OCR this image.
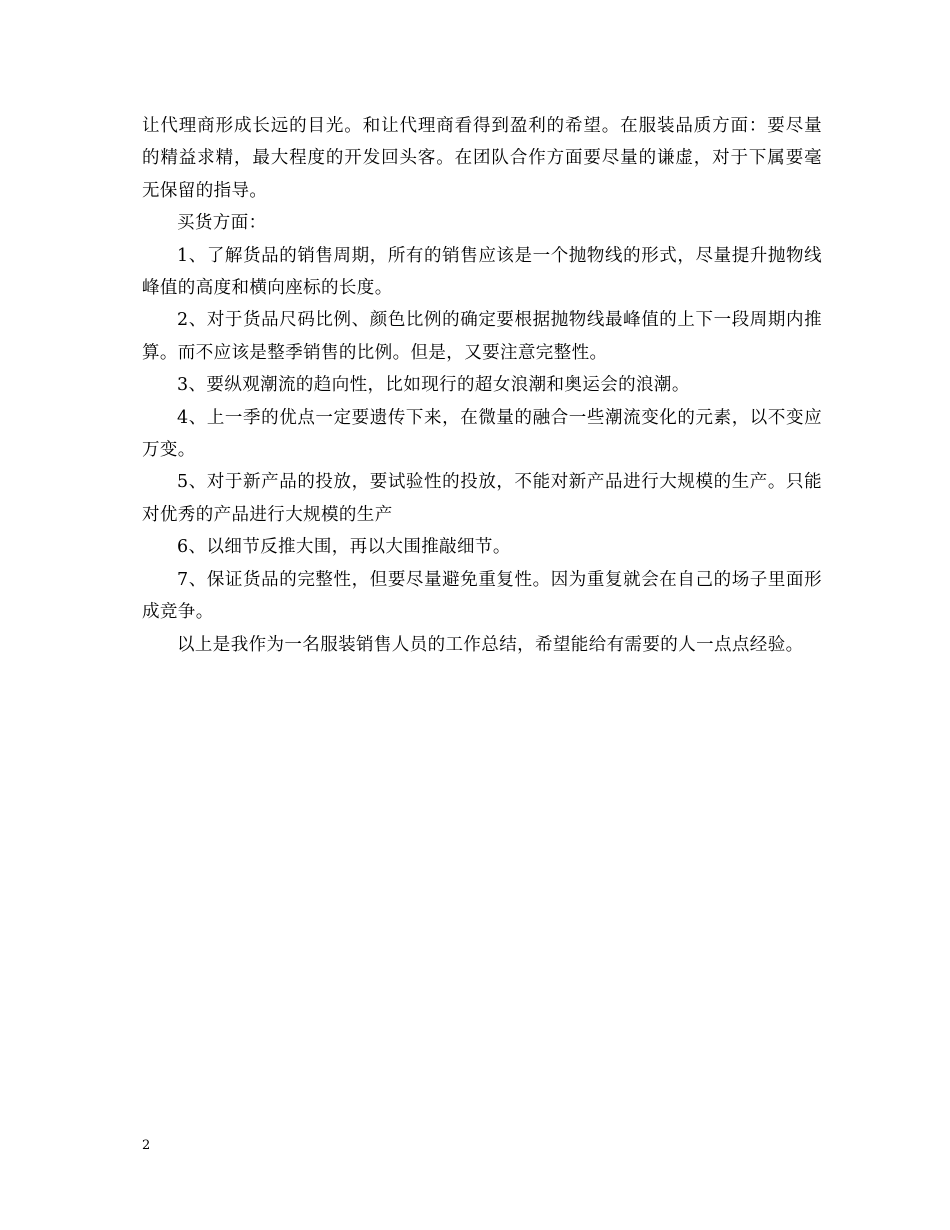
让代理商形成长远的目光。和让代理商看得到盈利的希望。在服装品质方面：要尽量的精益求精，最大程度的开发回头客。在团队合作方面要尽量的谦虚，对于下属要毫无保留的指导。

买货方面：

1、了解货品的销售周期，所有的销售应该是一个抛物线的形式，尽量提升抛物线峰值的高度和横向座标的长度。

2、对于货品尺码比例、颜色比例的确定要根据抛物线最峰值的上下一段周期内推算。而不应该是整季销售的比例。但是，又要注意完整性。

3、要纵观潮流的趋向性，比如现行的超女浪潮和奥运会的浪潮。

4、上一季的优点一定要遗传下来，在微量的融合一些潮流变化的元素，以不变应万变。

5、对于新产品的投放，要试验性的投放，不能对新产品进行大规模的生产。只能对优秀的产品进行大规模的生产

6、以细节反推大围，再以大围推敲细节。

7、保证货品的完整性，但要尽量避免重复性。因为重复就会在自己的场子里面形成竞争。

以上是我作为一名服装销售人员的工作总结，希望能给有需要的人一点点经验。

2
